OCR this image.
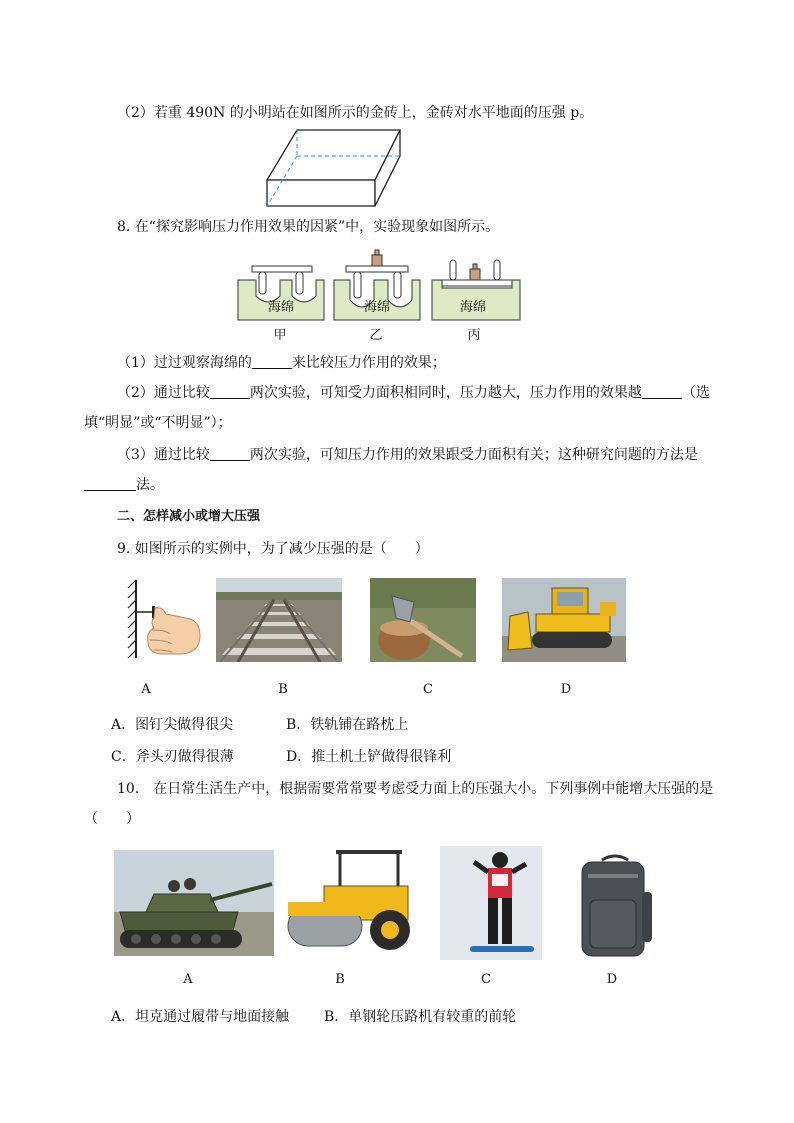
（2）若重 490N 的小明站在如图所示的金砖上，金砖对水平地面的压强 p。
8. 在“探究影响压力作用效果的因紧”中，实验现象如图所示。
海绵	海绵	海绵
甲	乙	丙
（1）过过观察海绵的	来比较压力作用的效果；
（2）通过比较	两次实验，可知受力面积相同时，压力越大，压力作用的效果越	（选
填“明显”或“不明显”）；
（3）通过比较	两次实验，可知压力作用的效果跟受力面积有关；这种研究问题的方法是
法。
二、怎样减小或增大压强
9. 如图所示的实例中，为了减少压强的是（　　）
A	B	C	D
A．图钉尖做得很尖	B．铁轨铺在路枕上
C．斧头刃做得很薄	D．推土机土铲做得很锋利
10． 在日常生活生产中，根据需要常常要考虑受力面上的压强大小。下列事例中能增大压强的是
（　　）
A	B	C	D
A．坦克通过履带与地面接触 B．单钢轮压路机有较重的前轮
